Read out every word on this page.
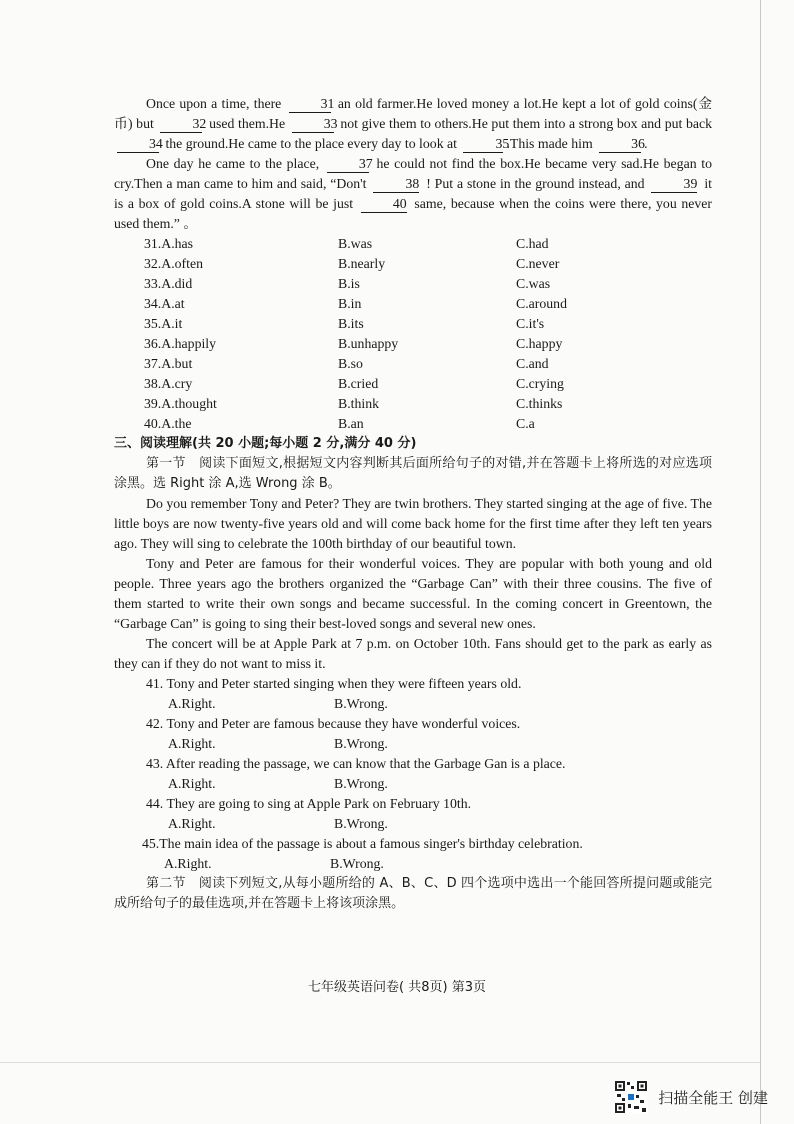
Once upon a time, there	31 an old farmer.He loved money a lot.He kept a lot of gold coins(金币) but	32 used them.He	33 not give them to others.He put them into a strong box and put back 34 the ground.He came to the place every day to look at	35.This made him	36.

One day he came to the place,	37 he could not find the box.He became very sad.He began to cry.Then a man came to him and said, “Don't	38 ! Put a stone in the ground instead, and	39 it is a box of gold coins.A stone will be just	40 same, because when the coins were there, you never used them.” 。

31.A.has	B.was	C.had
32.A.often	B.nearly	C.never
33.A.did	B.is	C.was
34.A.at	B.in	C.around
35.A.it	B.its	C.it's
36.A.happily	B.unhappy	C.happy
37.A.but	B.so	C.and
38.A.cry	B.cried	C.crying
39.A.thought	B.think	C.thinks
40.A.the	B.an	C.a

三、阅读理解(共 20 小题;每小题 2 分,满分 40 分)

第一节　阅读下面短文,根据短文内容判断其后面所给句子的对错,并在答题卡上将所选的对应选项涂黑。选 Right 涂 A,选 Wrong 涂 B。

Do you remember Tony and Peter? They are twin brothers. They started singing at the age of five. The little boys are now twenty-five years old and will come back home for the first time after they left ten years ago. They will sing to celebrate the 100th birthday of our beautiful town.

Tony and Peter are famous for their wonderful voices. They are popular with both young and old people. Three years ago the brothers organized the “Garbage Can” with their three cousins. The five of them started to write their own songs and became successful. In the coming concert in Greentown, the “Garbage Can” is going to sing their best-loved songs and several new ones.

The concert will be at Apple Park at 7 p.m. on October 10th. Fans should get to the park as early as they can if they do not want to miss it.

41. Tony and Peter started singing when they were fifteen years old.

A.Right.	B.Wrong.

42. Tony and Peter are famous because they have wonderful voices.

A.Right.	B.Wrong.

43. After reading the passage, we can know that the Garbage Gan is a place.

A.Right.	B.Wrong.

44. They are going to sing at Apple Park on February 10th.

A.Right.	B.Wrong.

45.The main idea of the passage is about a famous singer's birthday celebration.

A.Right.	B.Wrong.

第二节　阅读下列短文,从每小题所给的 A、B、C、D 四个选项中选出一个能回答所提问题或能完成所给句子的最佳选项,并在答题卡上将该项涂黑。

七年级英语问卷( 共8页) 第3页
扫描全能王 创建
